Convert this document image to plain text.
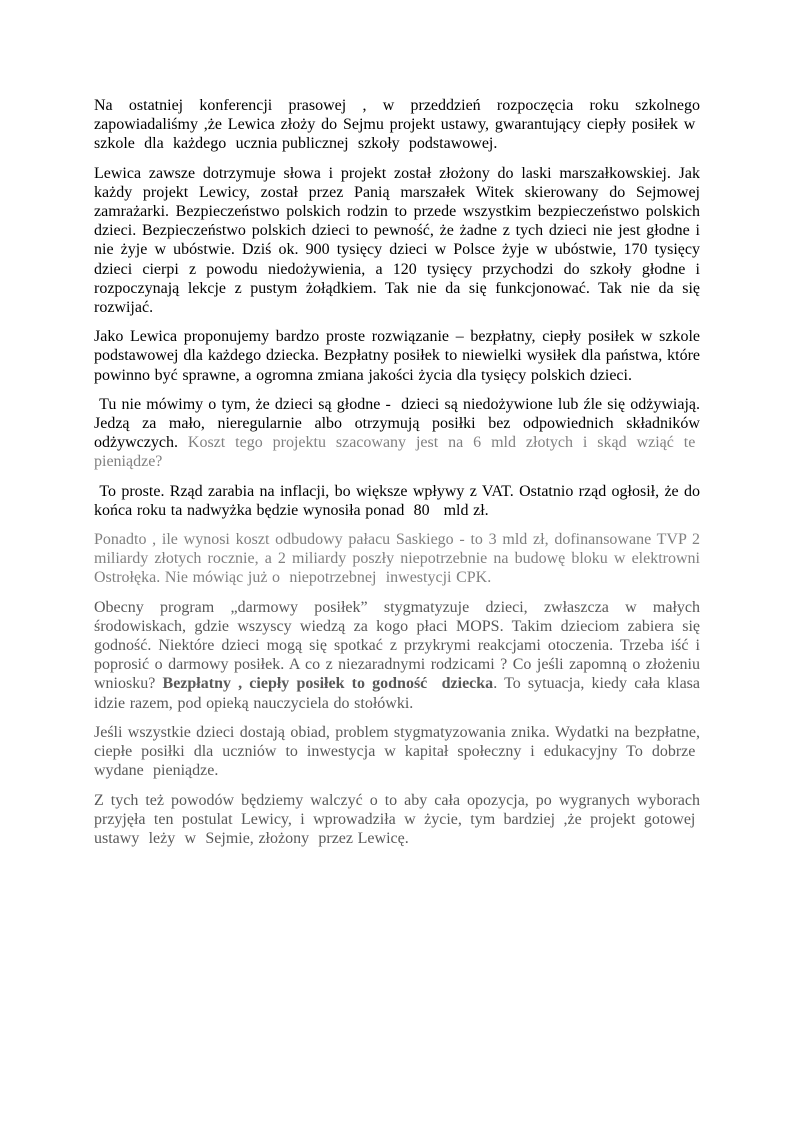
Na ostatniej konferencji prasowej , w przeddzień rozpoczęcia roku szkolnego zapowiadaliśmy ,że Lewica złoży do Sejmu projekt ustawy, gwarantujący ciepły posiłek w  szkole  dla  każdego  ucznia publicznej  szkoły  podstawowej.

Lewica zawsze dotrzymuje słowa i projekt został złożony do laski marszałkowskiej. Jak każdy projekt Lewicy, został przez Panią marszałek Witek skierowany do Sejmowej zamrażarki. Bezpieczeństwo polskich rodzin to przede wszystkim bezpieczeństwo polskich dzieci. Bezpieczeństwo polskich dzieci to pewność, że żadne z tych dzieci nie jest głodne i nie żyje w ubóstwie. Dziś ok. 900 tysięcy dzieci w Polsce żyje w ubóstwie, 170 tysięcy dzieci cierpi z powodu niedożywienia, a 120 tysięcy przychodzi do szkoły głodne i rozpoczynają lekcje z pustym żołądkiem. Tak nie da się funkcjonować. Tak nie da się rozwijać.

Jako Lewica proponujemy bardzo proste rozwiązanie – bezpłatny, ciepły posiłek w szkole podstawowej dla każdego dziecka. Bezpłatny posiłek to niewielki wysiłek dla państwa, które powinno być sprawne, a ogromna zmiana jakości życia dla tysięcy polskich dzieci.

Tu nie mówimy o tym, że dzieci są głodne -  dzieci są niedożywione lub źle się odżywiają. Jedzą za mało, nieregularnie albo otrzymują posiłki bez odpowiednich składników odżywczych. Koszt tego projektu szacowany jest na 6 mld złotych i skąd wziąć te  pieniądze?

To proste. Rząd zarabia na inflacji, bo większe wpływy z VAT. Ostatnio rząd ogłosił, że do końca roku ta nadwyżka będzie wynosiła ponad  80   mld zł.

Ponadto , ile wynosi koszt odbudowy pałacu Saskiego - to 3 mld zł, dofinansowane TVP 2 miliardy złotych rocznie, a 2 miliardy poszły niepotrzebnie na budowę bloku w elektrowni Ostrołęka. Nie mówiąc już o  niepotrzebnej  inwestycji CPK.

Obecny program „darmowy posiłek” stygmatyzuje dzieci, zwłaszcza w małych środowiskach, gdzie wszyscy wiedzą za kogo płaci MOPS. Takim dzieciom zabiera się godność. Niektóre dzieci mogą się spotkać z przykrymi reakcjami otoczenia. Trzeba iść i poprosić o darmowy posiłek. A co z niezaradnymi rodzicami ? Co jeśli zapomną o złożeniu wniosku? Bezpłatny , ciepły posiłek to godność  dziecka. To sytuacja, kiedy cała klasa idzie razem, pod opieką nauczyciela do stołówki.

Jeśli wszystkie dzieci dostają obiad, problem stygmatyzowania znika. Wydatki na bezpłatne, ciepłe posiłki dla uczniów to inwestycja w kapitał społeczny i edukacyjny To dobrze  wydane  pieniądze.

Z tych też powodów będziemy walczyć o to aby cała opozycja, po wygranych wyborach przyjęła ten postulat Lewicy, i wprowadziła w życie, tym bardziej ,że projekt gotowej  ustawy  leży  w  Sejmie, złożony  przez Lewicę.
